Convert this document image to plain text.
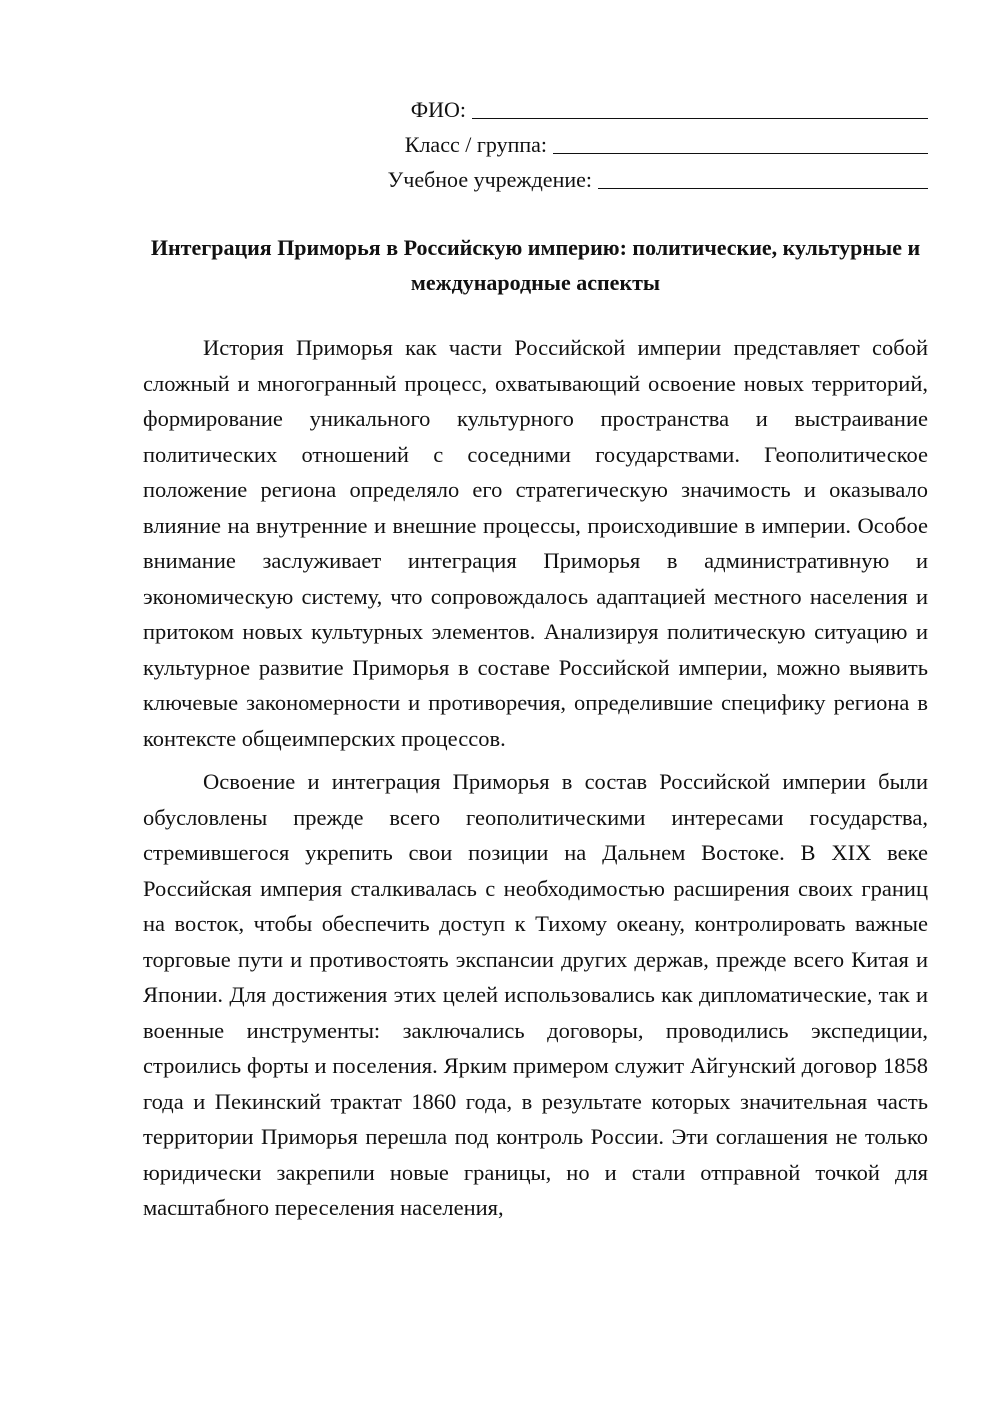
ФИО:
Класс / группа:
Учебное учреждение:
Интеграция Приморья в Российскую империю: политические, культурные и международные аспекты

История Приморья как части Российской империи представляет собой сложный и многогранный процесс, охватывающий освоение новых территорий, формирование уникального культурного пространства и выстраивание политических отношений с соседними государствами. Геополитическое положение региона определяло его стратегическую значимость и оказывало влияние на внутренние и внешние процессы, происходившие в империи. Особое внимание заслуживает интеграция Приморья в административную и экономическую систему, что сопровождалось адаптацией местного населения и притоком новых культурных элементов. Анализируя политическую ситуацию и культурное развитие Приморья в составе Российской империи, можно выявить ключевые закономерности и противоречия, определившие специфику региона в контексте общеимперских процессов.

Освоение и интеграция Приморья в состав Российской империи были обусловлены прежде всего геополитическими интересами государства, стремившегося укрепить свои позиции на Дальнем Востоке. В XIX веке Российская империя сталкивалась с необходимостью расширения своих границ на восток, чтобы обеспечить доступ к Тихому океану, контролировать важные торговые пути и противостоять экспансии других держав, прежде всего Китая и Японии. Для достижения этих целей использовались как дипломатические, так и военные инструменты: заключались договоры, проводились экспедиции, строились форты и поселения. Ярким примером служит Айгунский договор 1858 года и Пекинский трактат 1860 года, в результате которых значительная часть территории Приморья перешла под контроль России. Эти соглашения не только юридически закрепили новые границы, но и стали отправной точкой для масштабного переселения населения,
